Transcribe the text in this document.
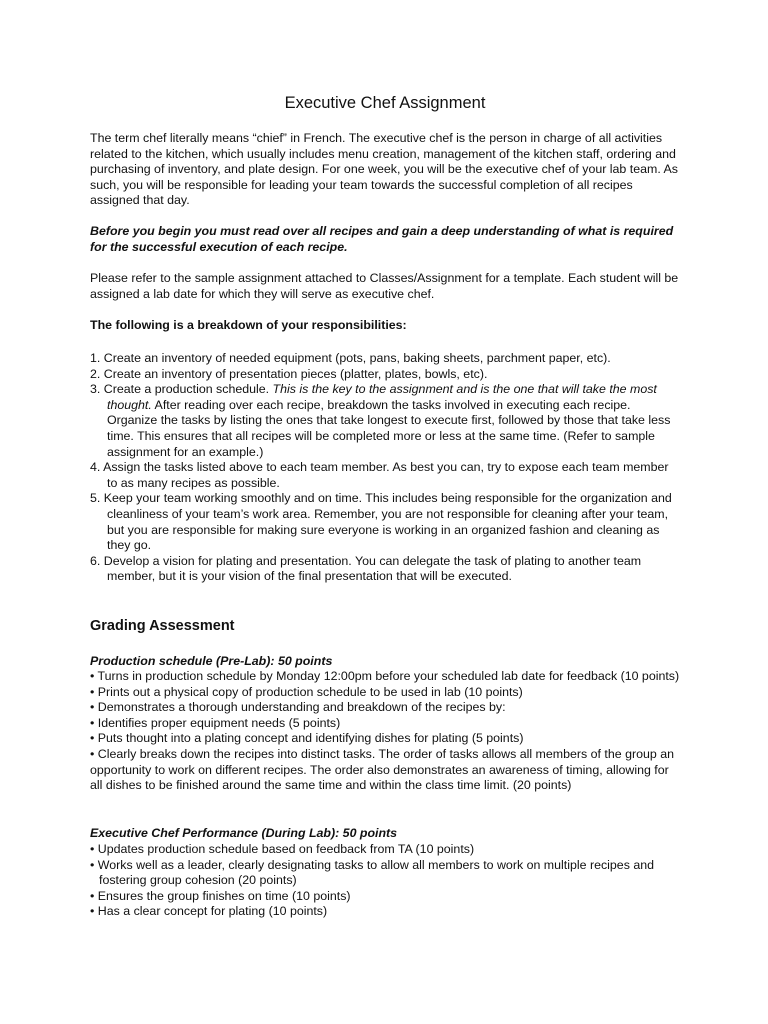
Executive Chef Assignment

The term chef literally means “chief” in French. The executive chef is the person in charge of all activities related to the kitchen, which usually includes menu creation, management of the kitchen staff, ordering and purchasing of inventory, and plate design. For one week, you will be the executive chef of your lab team. As such, you will be responsible for leading your team towards the successful completion of all recipes assigned that day.

Before you begin you must read over all recipes and gain a deep understanding of what is required for the successful execution of each recipe.

Please refer to the sample assignment attached to Classes/Assignment for a template. Each student will be assigned a lab date for which they will serve as executive chef.

The following is a breakdown of your responsibilities:

1. Create an inventory of needed equipment (pots, pans, baking sheets, parchment paper, etc).
2. Create an inventory of presentation pieces (platter, plates, bowls, etc).
3. Create a production schedule. This is the key to the assignment and is the one that will take the most thought. After reading over each recipe, breakdown the tasks involved in executing each recipe. Organize the tasks by listing the ones that take longest to execute first, followed by those that take less time. This ensures that all recipes will be completed more or less at the same time. (Refer to sample assignment for an example.)
4. Assign the tasks listed above to each team member. As best you can, try to expose each team member to as many recipes as possible.
5. Keep your team working smoothly and on time. This includes being responsible for the organization and cleanliness of your team’s work area. Remember, you are not responsible for cleaning after your team, but you are responsible for making sure everyone is working in an organized fashion and cleaning as they go.
6. Develop a vision for plating and presentation. You can delegate the task of plating to another team member, but it is your vision of the final presentation that will be executed.
Grading Assessment

Production schedule (Pre-Lab): 50 points

• Turns in production schedule by Monday 12:00pm before your scheduled lab date for feedback (10 points)
• Prints out a physical copy of production schedule to be used in lab (10 points)
• Demonstrates a thorough understanding and breakdown of the recipes by:
• Identifies proper equipment needs (5 points)
• Puts thought into a plating concept and identifying dishes for plating (5 points)
• Clearly breaks down the recipes into distinct tasks. The order of tasks allows all members of the group an opportunity to work on different recipes. The order also demonstrates an awareness of timing, allowing for all dishes to be finished around the same time and within the class time limit. (20 points)

Executive Chef Performance (During Lab): 50 points

• Updates production schedule based on feedback from TA (10 points)
• Works well as a leader, clearly designating tasks to allow all members to work on multiple recipes and fostering group cohesion (20 points)
• Ensures the group finishes on time (10 points)
• Has a clear concept for plating (10 points)
